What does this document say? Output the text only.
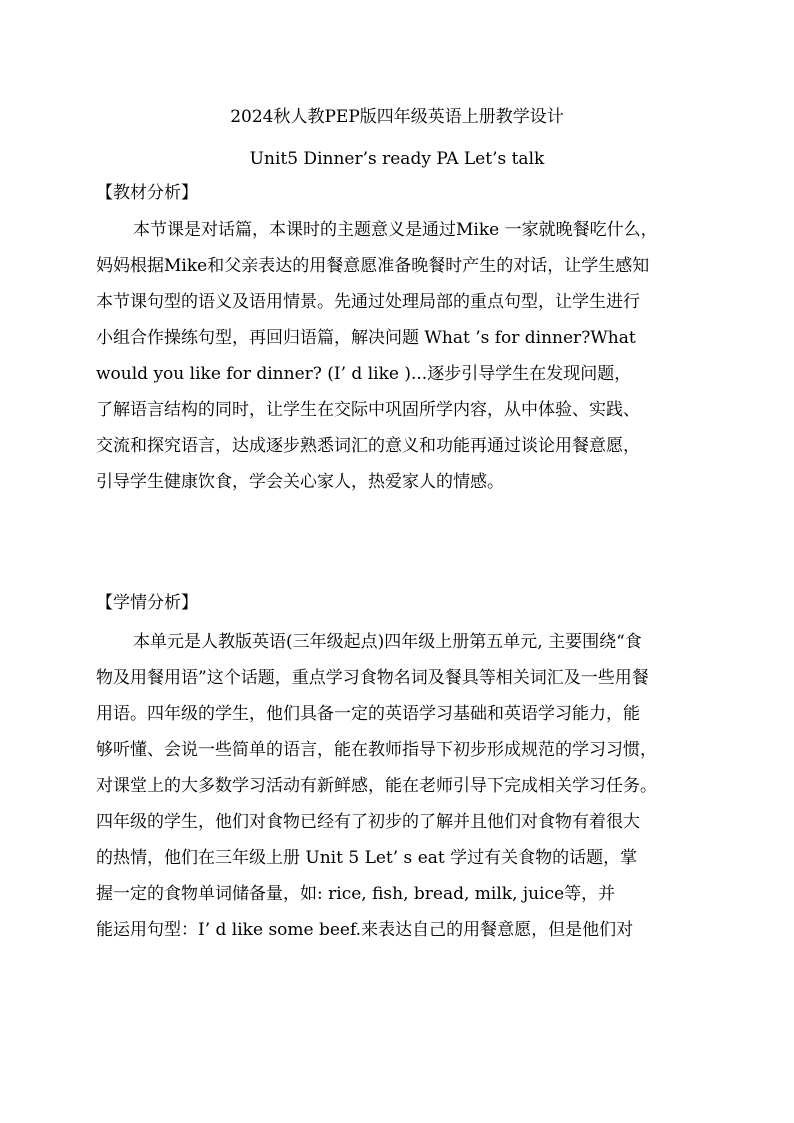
2024秋人教PEP版四年级英语上册教学设计
Unit5 Dinner’s ready PA Let’s talk
【教材分析】
本节课是对话篇，本课时的主题意义是通过Mike 一家就晚餐吃什么，
妈妈根据Mike和父亲表达的用餐意愿准备晚餐时产生的对话，让学生感知
本节课句型的语义及语用情景。先通过处理局部的重点句型，让学生进行
小组合作操练句型，再回归语篇，解决问题 What ’s for dinner?What
would you like for dinner? (I’ d like )...逐步引导学生在发现问题，
了解语言结构的同时，让学生在交际中巩固所学内容，从中体验、实践、
交流和探究语言，达成逐步熟悉词汇的意义和功能再通过谈论用餐意愿，
引导学生健康饮食，学会关心家人，热爱家人的情感。
【学情分析】
本单元是人教版英语(三年级起点)四年级上册第五单元, 主要围绕“食
物及用餐用语”这个话题，重点学习食物名词及餐具等相关词汇及一些用餐
用语。四年级的学生，他们具备一定的英语学习基础和英语学习能力，能
够听懂、会说一些简单的语言，能在教师指导下初步形成规范的学习习惯，
对课堂上的大多数学习活动有新鲜感，能在老师引导下完成相关学习任务。
四年级的学生，他们对食物已经有了初步的了解并且他们对食物有着很大
的热情，他们在三年级上册 Unit 5 Let’ s eat 学过有关食物的话题，掌
握一定的食物单词储备量，如: rice, fish, bread, milk, juice等，并
能运用句型：I’ d like some beef.来表达自己的用餐意愿，但是他们对
